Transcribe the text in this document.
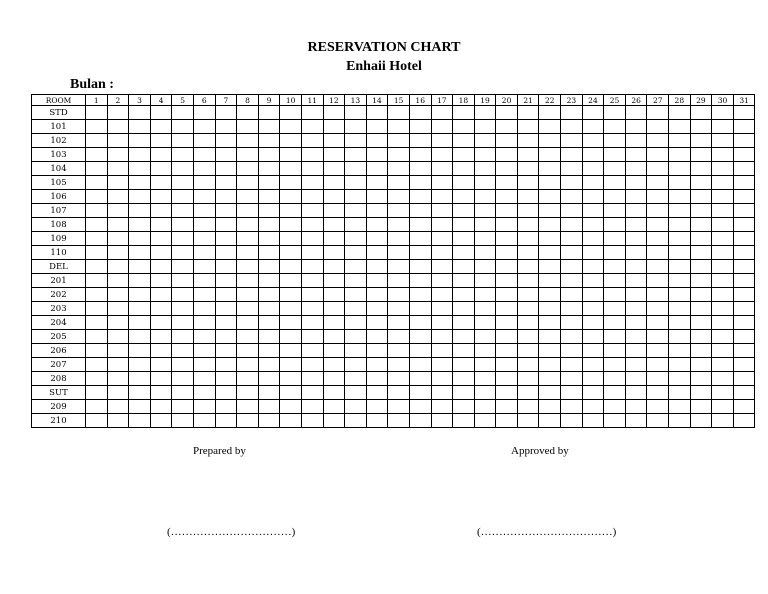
RESERVATION CHART
Enhaii Hotel
Bulan :
ROOM	1	2	3	4	5	6	7	8	9	10	11	12	13	14	15	16	17	18	19	20	21	22	23	24	25	26	27	28	29	30	31
STD																															
101																															
102																															
103																															
104																															
105																															
106																															
107																															
108																															
109																															
110																															
DEL																															
201																															
202																															
203																															
204																															
205																															
206																															
207																															
208																															
SUT																															
209																															
210																															
Prepared by	Approved by
(……………………………)	(………………………………)
